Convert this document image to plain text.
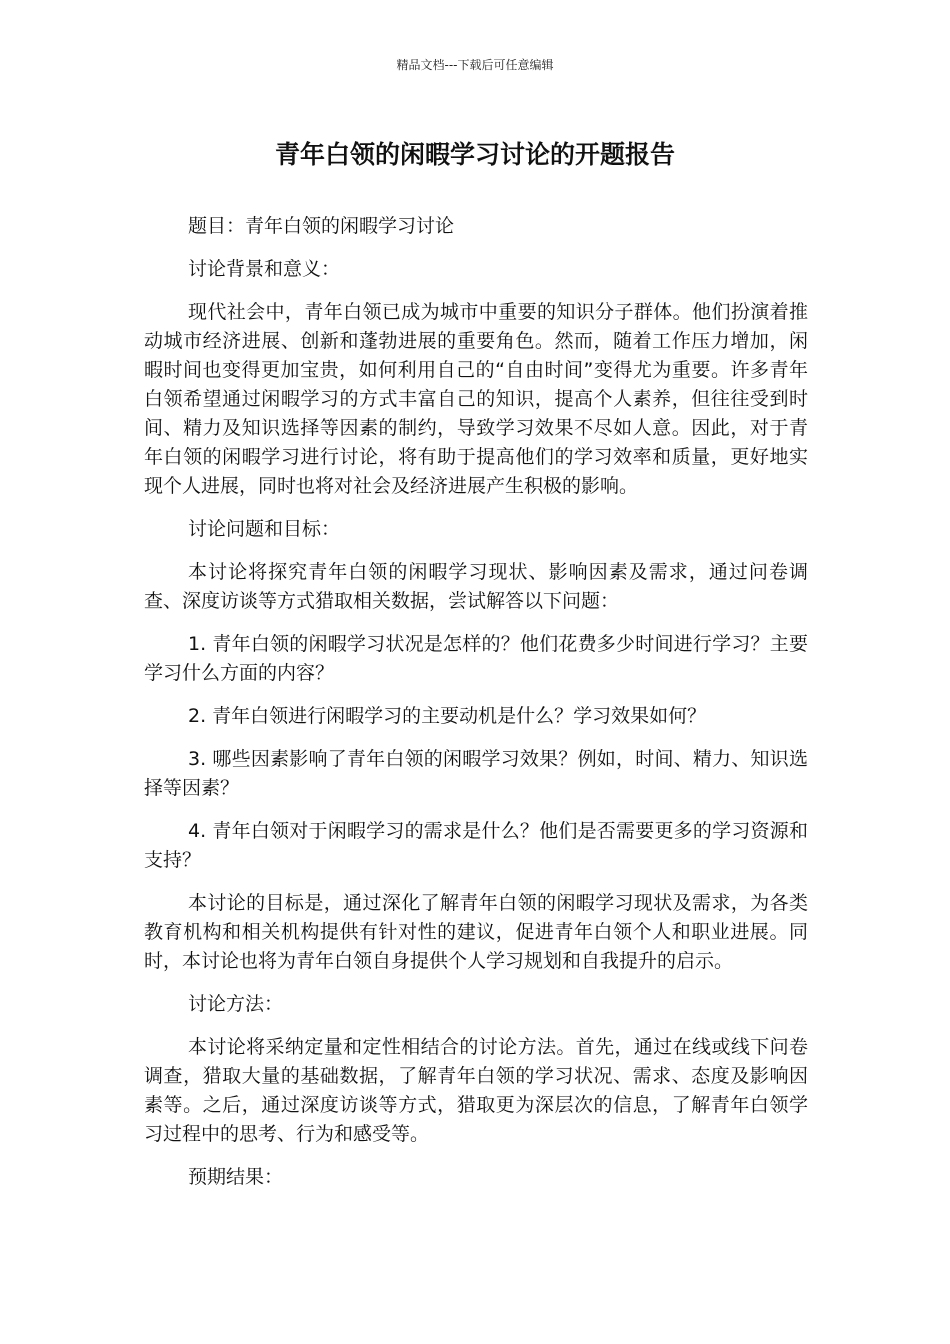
精品文档---下载后可任意编辑
青年白领的闲暇学习讨论的开题报告

题目：青年白领的闲暇学习讨论

讨论背景和意义：

现代社会中，青年白领已成为城市中重要的知识分子群体。他们扮演着推动城市经济进展、创新和蓬勃进展的重要角色。然而，随着工作压力增加，闲暇时间也变得更加宝贵，如何利用自己的“自由时间”变得尤为重要。许多青年白领希望通过闲暇学习的方式丰富自己的知识，提高个人素养，但往往受到时间、精力及知识选择等因素的制约，导致学习效果不尽如人意。因此，对于青年白领的闲暇学习进行讨论，将有助于提高他们的学习效率和质量，更好地实现个人进展，同时也将对社会及经济进展产生积极的影响。

讨论问题和目标：

本讨论将探究青年白领的闲暇学习现状、影响因素及需求，通过问卷调查、深度访谈等方式猎取相关数据，尝试解答以下问题：

1. 青年白领的闲暇学习状况是怎样的？他们花费多少时间进行学习？主要学习什么方面的内容？

2. 青年白领进行闲暇学习的主要动机是什么？学习效果如何？

3. 哪些因素影响了青年白领的闲暇学习效果？例如，时间、精力、知识选择等因素？

4. 青年白领对于闲暇学习的需求是什么？他们是否需要更多的学习资源和支持？

本讨论的目标是，通过深化了解青年白领的闲暇学习现状及需求，为各类教育机构和相关机构提供有针对性的建议，促进青年白领个人和职业进展。同时，本讨论也将为青年白领自身提供个人学习规划和自我提升的启示。

讨论方法：

本讨论将采纳定量和定性相结合的讨论方法。首先，通过在线或线下问卷调查，猎取大量的基础数据，了解青年白领的学习状况、需求、态度及影响因素等。之后，通过深度访谈等方式，猎取更为深层次的信息，了解青年白领学习过程中的思考、行为和感受等。

预期结果：
